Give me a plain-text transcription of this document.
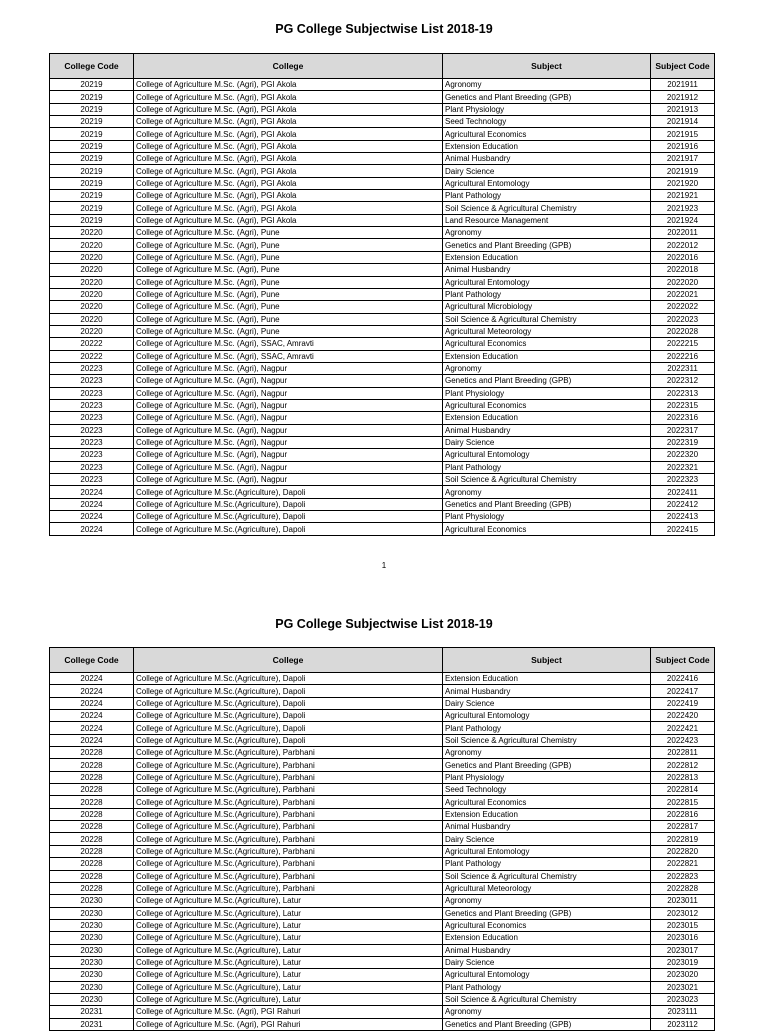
PG College Subjectwise List 2018-19
College Code	College	Subject	Subject Code
20219	College of Agriculture M.Sc. (Agri), PGI Akola	Agronomy	2021911
20219	College of Agriculture M.Sc. (Agri), PGI Akola	Genetics and Plant Breeding (GPB)	2021912
20219	College of Agriculture M.Sc. (Agri), PGI Akola	Plant Physiology	2021913
20219	College of Agriculture M.Sc. (Agri), PGI Akola	Seed Technology	2021914
20219	College of Agriculture M.Sc. (Agri), PGI Akola	Agricultural Economics	2021915
20219	College of Agriculture M.Sc. (Agri), PGI Akola	Extension Education	2021916
20219	College of Agriculture M.Sc. (Agri), PGI Akola	Animal Husbandry	2021917
20219	College of Agriculture M.Sc. (Agri), PGI Akola	Dairy Science	2021919
20219	College of Agriculture M.Sc. (Agri), PGI Akola	Agricultural Entomology	2021920
20219	College of Agriculture M.Sc. (Agri), PGI Akola	Plant Pathology	2021921
20219	College of Agriculture M.Sc. (Agri), PGI Akola	Soil Science & Agricultural Chemistry	2021923
20219	College of Agriculture M.Sc. (Agri), PGI Akola	Land Resource Management	2021924
20220	College of Agriculture M.Sc. (Agri), Pune	Agronomy	2022011
20220	College of Agriculture M.Sc. (Agri), Pune	Genetics and Plant Breeding (GPB)	2022012
20220	College of Agriculture M.Sc. (Agri), Pune	Extension Education	2022016
20220	College of Agriculture M.Sc. (Agri), Pune	Animal Husbandry	2022018
20220	College of Agriculture M.Sc. (Agri), Pune	Agricultural Entomology	2022020
20220	College of Agriculture M.Sc. (Agri), Pune	Plant Pathology	2022021
20220	College of Agriculture M.Sc. (Agri), Pune	Agricultural Microbiology	2022022
20220	College of Agriculture M.Sc. (Agri), Pune	Soil Science & Agricultural Chemistry	2022023
20220	College of Agriculture M.Sc. (Agri), Pune	Agricultural Meteorology	2022028
20222	College of Agriculture M.Sc. (Agri), SSAC, Amravti	Agricultural Economics	2022215
20222	College of Agriculture M.Sc. (Agri), SSAC, Amravti	Extension Education	2022216
20223	College of Agriculture M.Sc. (Agri), Nagpur	Agronomy	2022311
20223	College of Agriculture M.Sc. (Agri), Nagpur	Genetics and Plant Breeding (GPB)	2022312
20223	College of Agriculture M.Sc. (Agri), Nagpur	Plant Physiology	2022313
20223	College of Agriculture M.Sc. (Agri), Nagpur	Agricultural Economics	2022315
20223	College of Agriculture M.Sc. (Agri), Nagpur	Extension Education	2022316
20223	College of Agriculture M.Sc. (Agri), Nagpur	Animal Husbandry	2022317
20223	College of Agriculture M.Sc. (Agri), Nagpur	Dairy Science	2022319
20223	College of Agriculture M.Sc. (Agri), Nagpur	Agricultural Entomology	2022320
20223	College of Agriculture M.Sc. (Agri), Nagpur	Plant Pathology	2022321
20223	College of Agriculture M.Sc. (Agri), Nagpur	Soil Science & Agricultural Chemistry	2022323
20224	College of Agriculture M.Sc.(Agriculture), Dapoli	Agronomy	2022411
20224	College of Agriculture M.Sc.(Agriculture), Dapoli	Genetics and Plant Breeding (GPB)	2022412
20224	College of Agriculture M.Sc.(Agriculture), Dapoli	Plant Physiology	2022413
20224	College of Agriculture M.Sc.(Agriculture), Dapoli	Agricultural Economics	2022415
1
PG College Subjectwise List 2018-19
College Code	College	Subject	Subject Code
20224	College of Agriculture M.Sc.(Agriculture), Dapoli	Extension Education	2022416
20224	College of Agriculture M.Sc.(Agriculture), Dapoli	Animal Husbandry	2022417
20224	College of Agriculture M.Sc.(Agriculture), Dapoli	Dairy Science	2022419
20224	College of Agriculture M.Sc.(Agriculture), Dapoli	Agricultural Entomology	2022420
20224	College of Agriculture M.Sc.(Agriculture), Dapoli	Plant Pathology	2022421
20224	College of Agriculture M.Sc.(Agriculture), Dapoli	Soil Science & Agricultural Chemistry	2022423
20228	College of Agriculture M.Sc.(Agriculture), Parbhani	Agronomy	2022811
20228	College of Agriculture M.Sc.(Agriculture), Parbhani	Genetics and Plant Breeding (GPB)	2022812
20228	College of Agriculture M.Sc.(Agriculture), Parbhani	Plant Physiology	2022813
20228	College of Agriculture M.Sc.(Agriculture), Parbhani	Seed Technology	2022814
20228	College of Agriculture M.Sc.(Agriculture), Parbhani	Agricultural Economics	2022815
20228	College of Agriculture M.Sc.(Agriculture), Parbhani	Extension Education	2022816
20228	College of Agriculture M.Sc.(Agriculture), Parbhani	Animal Husbandry	2022817
20228	College of Agriculture M.Sc.(Agriculture), Parbhani	Dairy Science	2022819
20228	College of Agriculture M.Sc.(Agriculture), Parbhani	Agricultural Entomology	2022820
20228	College of Agriculture M.Sc.(Agriculture), Parbhani	Plant Pathology	2022821
20228	College of Agriculture M.Sc.(Agriculture), Parbhani	Soil Science & Agricultural Chemistry	2022823
20228	College of Agriculture M.Sc.(Agriculture), Parbhani	Agricultural Meteorology	2022828
20230	College of Agriculture M.Sc.(Agriculture), Latur	Agronomy	2023011
20230	College of Agriculture M.Sc.(Agriculture), Latur	Genetics and Plant Breeding (GPB)	2023012
20230	College of Agriculture M.Sc.(Agriculture), Latur	Agricultural Economics	2023015
20230	College of Agriculture M.Sc.(Agriculture), Latur	Extension Education	2023016
20230	College of Agriculture M.Sc.(Agriculture), Latur	Animal Husbandry	2023017
20230	College of Agriculture M.Sc.(Agriculture), Latur	Dairy Science	2023019
20230	College of Agriculture M.Sc.(Agriculture), Latur	Agricultural Entomology	2023020
20230	College of Agriculture M.Sc.(Agriculture), Latur	Plant Pathology	2023021
20230	College of Agriculture M.Sc.(Agriculture), Latur	Soil Science & Agricultural Chemistry	2023023
20231	College of Agriculture M.Sc. (Agri), PGI Rahuri	Agronomy	2023111
20231	College of Agriculture M.Sc. (Agri), PGI Rahuri	Genetics and Plant Breeding (GPB)	2023112
